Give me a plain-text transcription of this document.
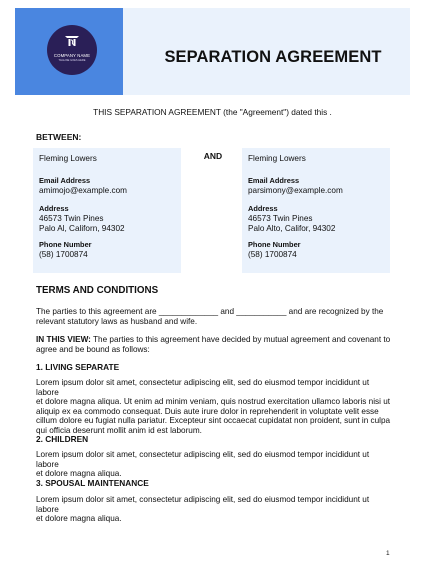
COMPANY NAME
TAGLINE GOES HERE	SEPARATION AGREEMENT
THIS SEPARATION AGREEMENT (the "Agreement") dated this .
BETWEEN:
AND
Fleming Lowers
Email Address
amimojo@example.com
Address
46573 Twin Pines
Palo Al, Californ, 94302
Phone Number
(58) 1700874
Fleming Lowers
Email Address
parsimony@example.com
Address
46573 Twin Pines
Palo Alto, Califor, 94302
Phone Number
(58) 1700874
TERMS AND CONDITIONS
The parties to this agreement are _____________ and ___________ and are recognized by the
relevant statutory laws as husband and wife.
IN THIS VIEW: The parties to this agreement have decided by mutual agreement and covenant to
agree and be bound as follows:
1. LIVING SEPARATE
Lorem ipsum dolor sit amet, consectetur adipiscing elit, sed do eiusmod tempor incididunt ut labore
et dolore magna aliqua. Ut enim ad minim veniam, quis nostrud exercitation ullamco laboris nisi ut
aliquip ex ea commodo consequat. Duis aute irure dolor in reprehenderit in voluptate velit esse
cillum dolore eu fugiat nulla pariatur. Excepteur sint occaecat cupidatat non proident, sunt in culpa
qui officia deserunt mollit anim id est laborum.
2. CHILDREN
Lorem ipsum dolor sit amet, consectetur adipiscing elit, sed do eiusmod tempor incididunt ut labore
et dolore magna aliqua.
3. SPOUSAL MAINTENANCE
Lorem ipsum dolor sit amet, consectetur adipiscing elit, sed do eiusmod tempor incididunt ut labore
et dolore magna aliqua.
1
